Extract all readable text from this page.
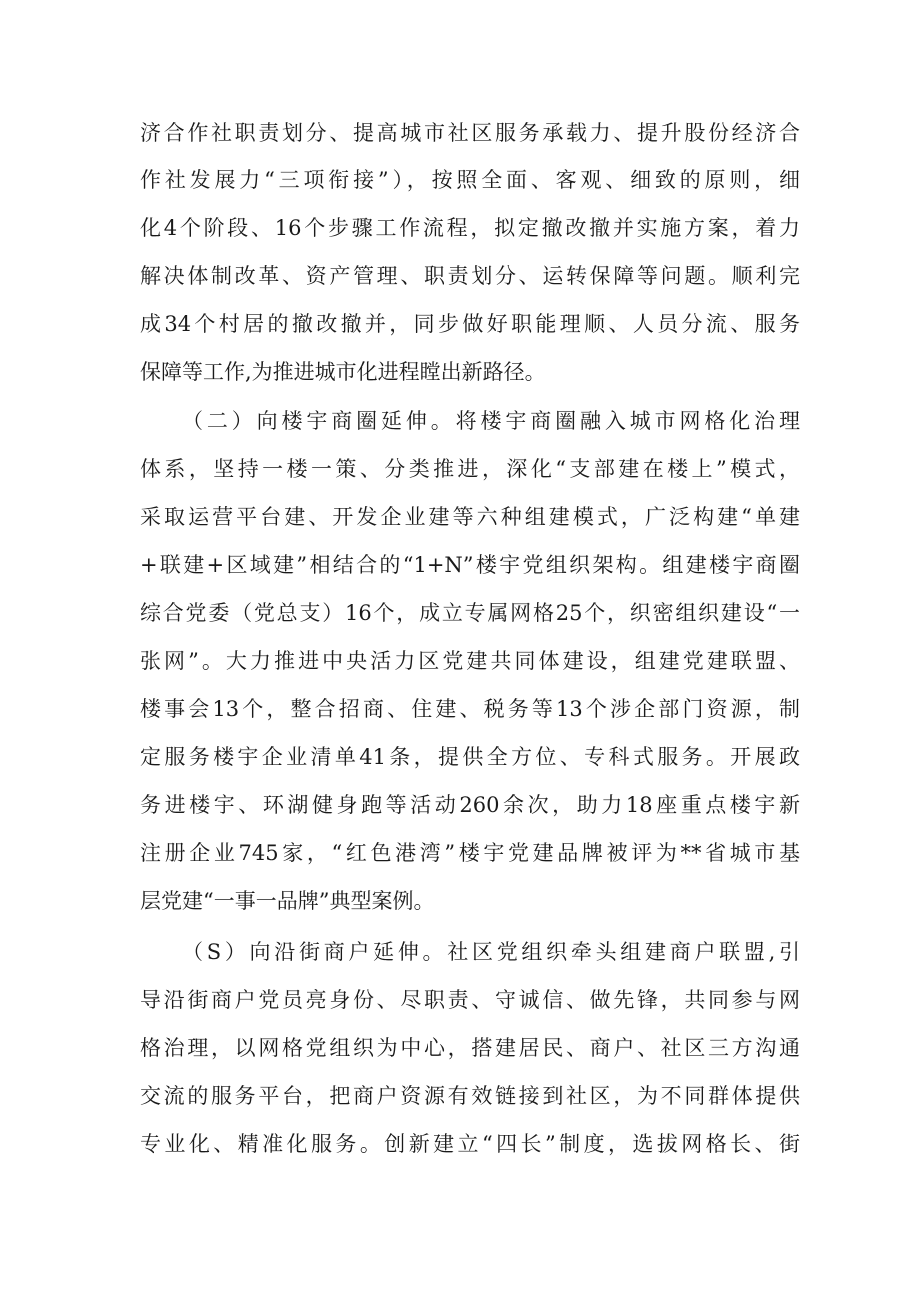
济合作社职责划分、提高城市社区服务承载力、提升股份经济合
作社发展力“三项衔接”），按照全面、客观、细致的原则，细
化4个阶段、16个步骤工作流程，拟定撤改撤并实施方案，着力
解决体制改革、资产管理、职责划分、运转保障等问题。顺利完
成34个村居的撤改撤并，同步做好职能理顺、人员分流、服务
保障等工作,为推进城市化进程瞠出新路径。
（二）向楼宇商圈延伸。将楼宇商圈融入城市网格化治理
体系，坚持一楼一策、分类推进，深化“支部建在楼上”模式，
采取运营平台建、开发企业建等六种组建模式，广泛构建“单建
+联建+区域建”相结合的“1+N”楼宇党组织架构。组建楼宇商圈
综合党委（党总支）16个，成立专属网格25个，织密组织建设“一
张网”。大力推进中央活力区党建共同体建设，组建党建联盟、
楼事会13个，整合招商、住建、税务等13个涉企部门资源，制
定服务楼宇企业清单41条，提供全方位、专科式服务。开展政
务进楼宇、环湖健身跑等活动260余次，助力18座重点楼宇新
注册企业745家，“红色港湾”楼宇党建品牌被评为**省城市基
层党建“一事一品牌”典型案例。
（S）向沿街商户延伸。社区党组织牵头组建商户联盟,引
导沿街商户党员亮身份、尽职责、守诚信、做先锋，共同参与网
格治理，以网格党组织为中心，搭建居民、商户、社区三方沟通
交流的服务平台，把商户资源有效链接到社区，为不同群体提供
专业化、精准化服务。创新建立“四长”制度，选拔网格长、街
